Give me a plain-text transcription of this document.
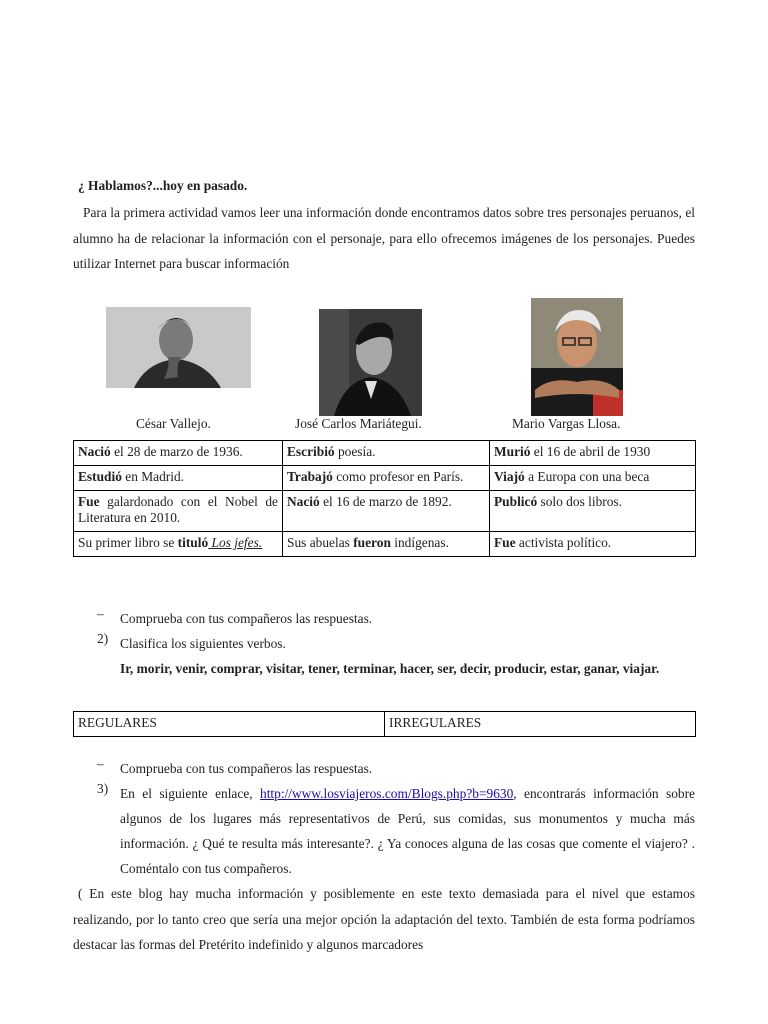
¿ Hablamos?...hoy en pasado.

Para la primera actividad vamos leer una información donde encontramos datos sobre tres personajes peruanos, el alumno ha de relacionar la información con el personaje, para ello ofrecemos imágenes de los personajes. Puedes utilizar Internet para buscar información

César Vallejo.	José Carlos Mariátegui.	Mario Vargas Llosa.
Nació el 28 de marzo de 1936.	Escribió poesía.	Murió el 16 de abril de 1930
Estudió en Madrid.	Trabajó como profesor en París.	Viajó a Europa con una beca
Fue galardonado con el Nobel de Literatura en 2010.	Nació el 16 de marzo de 1892.	Publicó solo dos libros.
Su primer libro se tituló Los jefes.	Sus abuelas fueron indígenas.	Fue activista político.
–	Comprueba con tus compañeros las respuestas.
2) Clasifica los siguientes verbos.

Ir, morir, venir, comprar, visitar, tener, terminar, hacer, ser, decir, producir, estar, ganar, viajar.

REGULARES	IRREGULARES
–	Comprueba con tus compañeros las respuestas.
3) En el siguiente enlace, http://www.losviajeros.com/Blogs.php?b=9630, encontrarás información sobre algunos de los lugares más representativos de Perú, sus comidas, sus monumentos y mucha más información. ¿ Qué te resulta más interesante?. ¿ Ya conoces alguna de las cosas que comente el viajero? . Coméntalo con tus compañeros.

( En este blog hay mucha información y posiblemente en este texto demasiada para el nivel que estamos realizando, por lo tanto creo que sería una mejor opción la adaptación del texto. También de esta forma podríamos destacar las formas del Pretérito indefinido y algunos marcadores
